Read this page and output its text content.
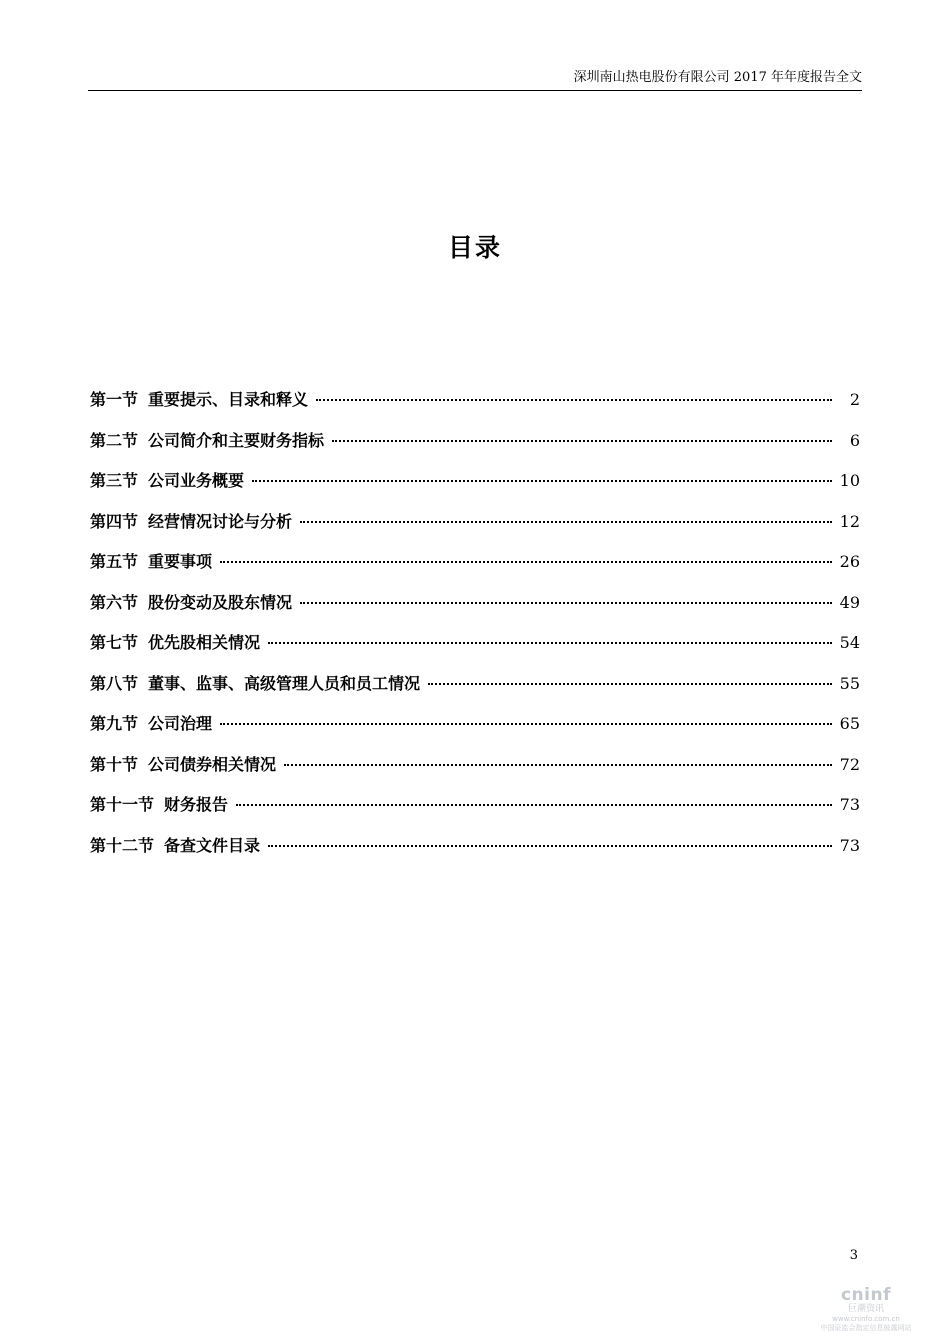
深圳南山热电股份有限公司 2017 年年度报告全文
目录
第一节 重要提示、目录和释义	2
第二节 公司简介和主要财务指标	6
第三节 公司业务概要	10
第四节 经营情况讨论与分析	12
第五节 重要事项	26
第六节 股份变动及股东情况	49
第七节 优先股相关情况	54
第八节 董事、监事、高级管理人员和员工情况	55
第九节 公司治理	65
第十节 公司债券相关情况	72
第十一节 财务报告	73
第十二节 备查文件目录	73
3
cninf
巨潮资讯
www.cninfo.com.cn
中国证监会指定信息披露网站
